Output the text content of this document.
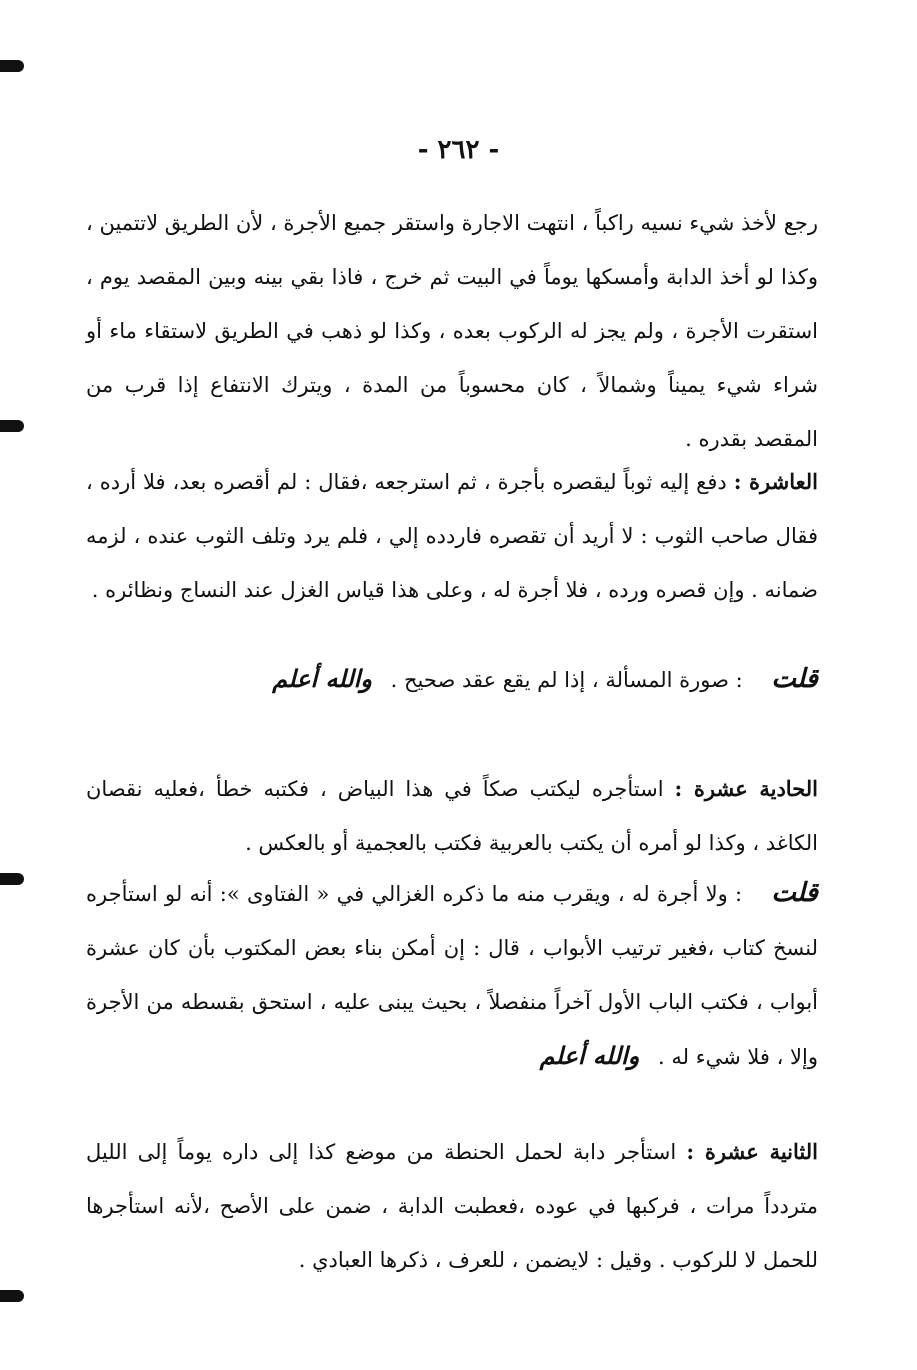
- ٢٦٢ -

رجع لأخذ شيء نسيه راكباً ، انتهت الاجارة واستقر جميع الأجرة ، لأن الطريق لاتتمين ، وكذا لو أخذ الدابة وأمسكها يوماً في البيت ثم خرج ، فاذا بقي بينه وبين المقصد يوم ، استقرت الأجرة ، ولم يجز له الركوب بعده ، وكذا لو ذهب في الطريق لاستقاء ماء أو شراء شيء يميناً وشمالاً ، كان محسوباً من المدة ، ويترك الانتفاع إذا قرب من المقصد بقدره .

العاشرة : دفع إليه ثوباً ليقصره بأجرة ، ثم استرجعه ،فقال : لم أقصره بعد، فلا أرده ، فقال صاحب الثوب : لا أريد أن تقصره فاردده إلي ، فلم يرد وتلف الثوب عنده ، لزمه ضمانه . وإن قصره ورده ، فلا أجرة له ، وعلى هذا قياس الغزل عند النساج ونظائره .

قلت : صورة المسألة ، إذا لم يقع عقد صحيح . والله أعلم

الحادية عشرة : استأجره ليكتب صكاً في هذا البياض ، فكتبه خطأ ،فعليه نقصان الكاغد ، وكذا لو أمره أن يكتب بالعربية فكتب بالعجمية أو بالعكس .

قلت : ولا أجرة له ، ويقرب منه ما ذكره الغزالي في « الفتاوى »: أنه لو استأجره لنسخ كتاب ،فغير ترتيب الأبواب ، قال : إن أمكن بناء بعض المكتوب بأن كان عشرة أبواب ، فكتب الباب الأول آخراً منفصلاً ، بحيث يبنى عليه ، استحق بقسطه من الأجرة وإلا ، فلا شيء له . والله أعلم

الثانية عشرة : استأجر دابة لحمل الحنطة من موضع كذا إلى داره يوماً إلى الليل متردداً مرات ، فركبها في عوده ،فعطبت الدابة ، ضمن على الأصح ،لأنه استأجرها للحمل لا للركوب . وقيل : لايضمن ، للعرف ، ذكرها العبادي .
